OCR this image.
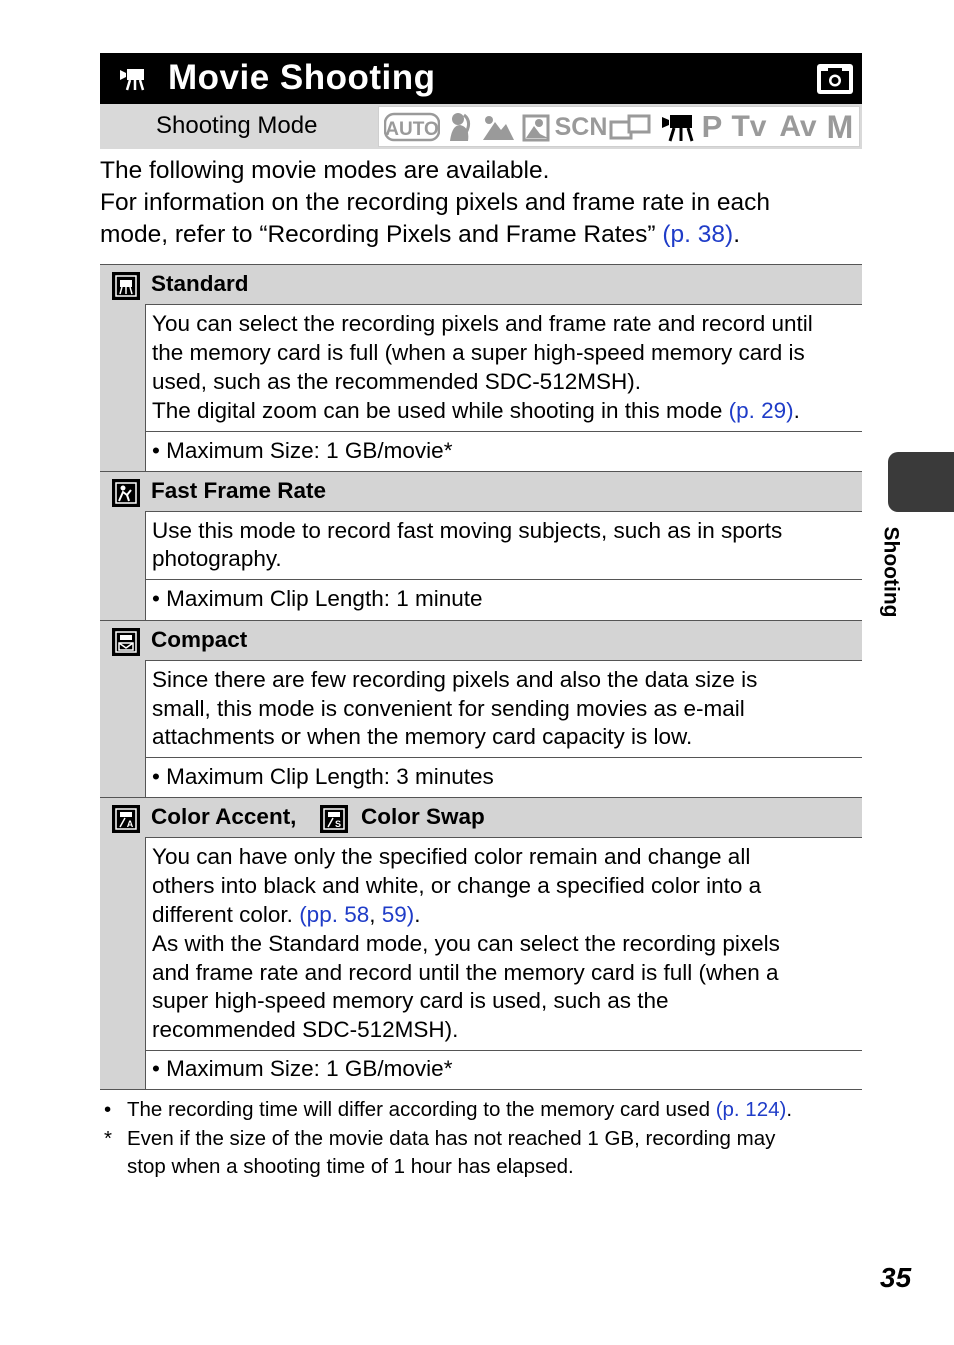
Movie Shooting
Shooting Mode	AUTO	SCN	P Tv Av M
The following movie modes are available.
For information on the recording pixels and frame rate in each
mode, refer to “Recording Pixels and Frame Rates” (p. 38).
Standard
You can select the recording pixels and frame rate and record until
the memory card is full (when a super high-speed memory card is
used, such as the recommended SDC-512MSH).
The digital zoom can be used while shooting in this mode (p. 29).
• Maximum Size: 1 GB/movie*
Fast Frame Rate
Use this mode to record fast moving subjects, such as in sports
photography.
• Maximum Clip Length: 1 minute
Compact
Since there are few recording pixels and also the data size is
small, this mode is convenient for sending movies as e-mail
attachments or when the memory card capacity is low.
• Maximum Clip Length: 3 minutes
A Color Accent,	S Color Swap
You can have only the specified color remain and change all
others into black and white, or change a specified color into a
different color. (pp. 58, 59).
As with the Standard mode, you can select the recording pixels
and frame rate and record until the memory card is full (when a
super high-speed memory card is used, such as the
recommended SDC-512MSH).
• Maximum Size: 1 GB/movie*
• The recording time will differ according to the memory card used (p. 124).
* Even if the size of the movie data has not reached 1 GB, recording may
stop when a shooting time of 1 hour has elapsed.
Shooting
35
